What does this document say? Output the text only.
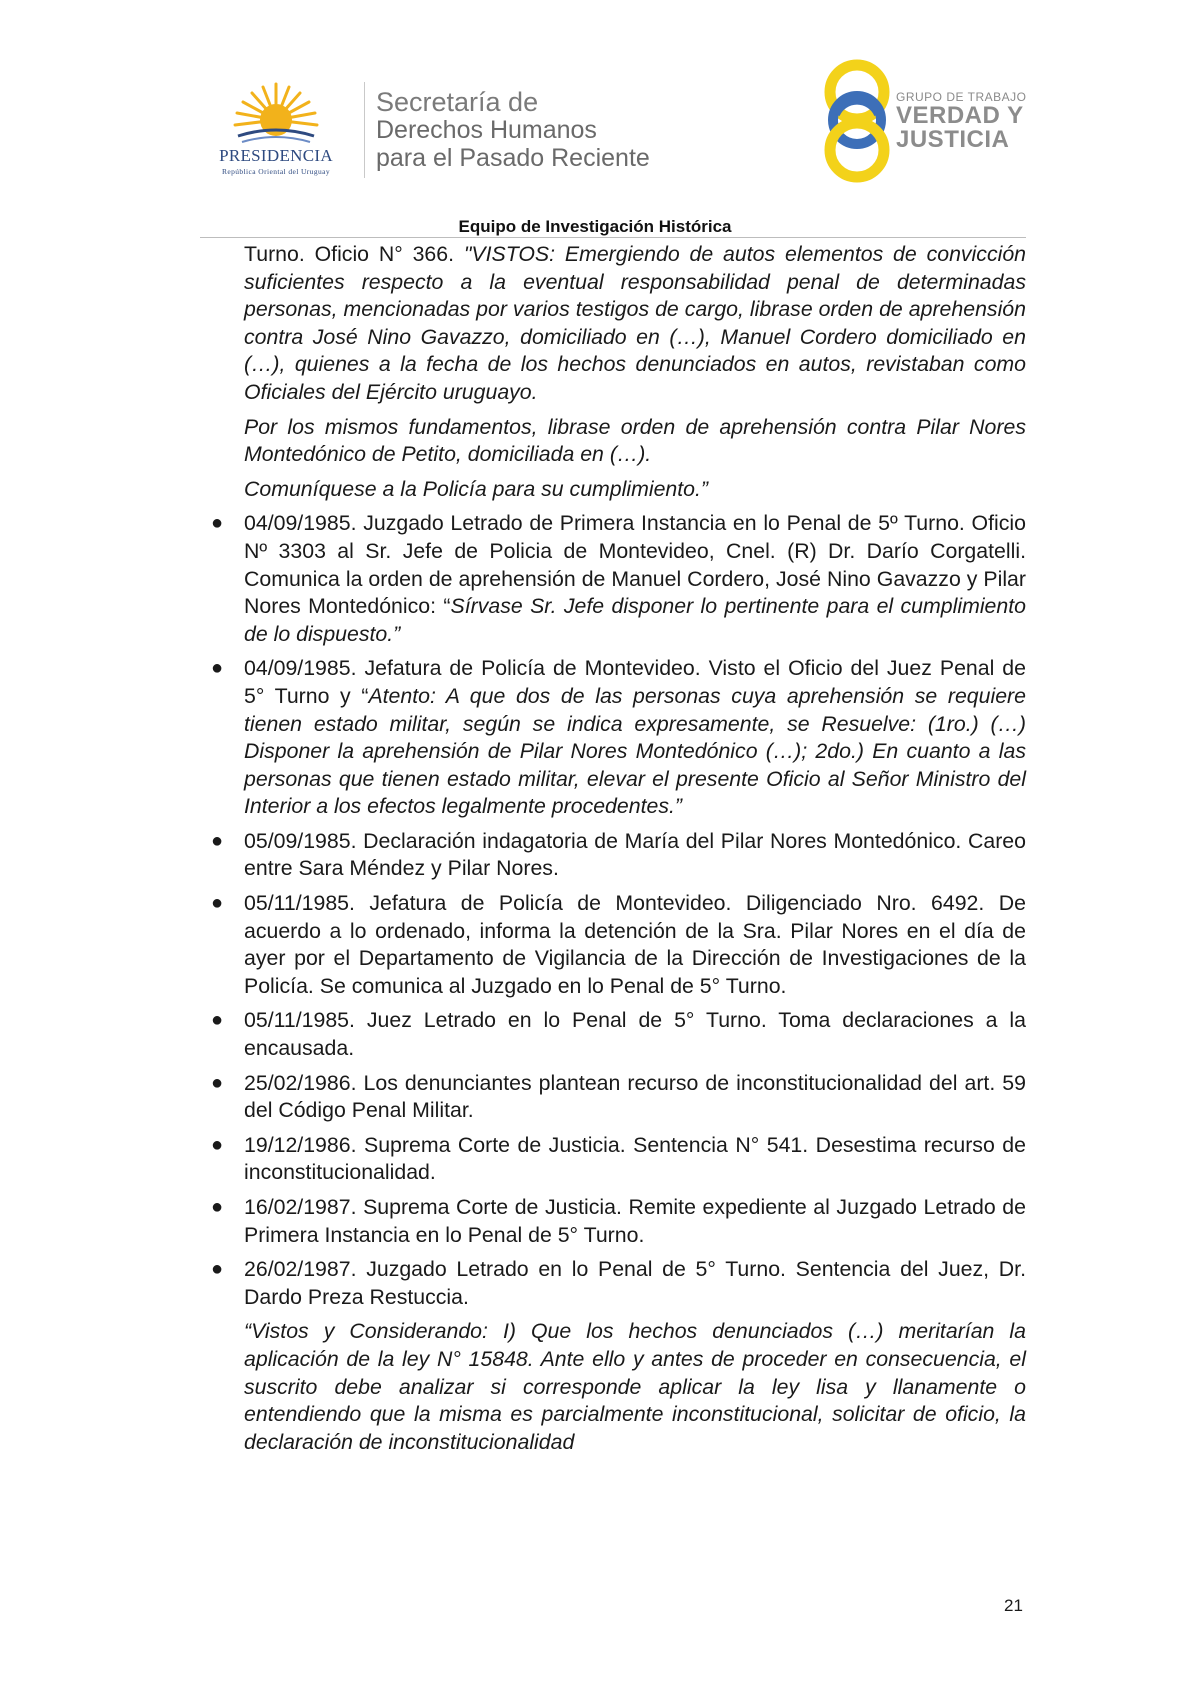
PRESIDENCIA
República Oriental del Uruguay
Secretaría de
Derechos Humanos
para el Pasado Reciente
GRUPO DE TRABAJO
VERDAD Y
JUSTICIA
Equipo de Investigación Histórica

Turno. Oficio N° 366. "VISTOS: Emergiendo de autos elementos de convicción suficientes respecto a la eventual responsabilidad penal de determinadas personas, mencionadas por varios testigos de cargo, librase orden de aprehensión contra José Nino Gavazzo, domiciliado en (…), Manuel Cordero domiciliado en (…), quienes a la fecha de los hechos denunciados en autos, revistaban como Oficiales del Ejército uruguayo.

Por los mismos fundamentos, librase orden de aprehensión contra Pilar Nores Montedónico de Petito, domiciliada en (…).

Comuníquese a la Policía para su cumplimiento.”

● 04/09/1985. Juzgado Letrado de Primera Instancia en lo Penal de 5º Turno. Oficio Nº 3303 al Sr. Jefe de Policia de Montevideo, Cnel. (R) Dr. Darío Corgatelli. Comunica la orden de aprehensión de Manuel Cordero, José Nino Gavazzo y Pilar Nores Montedónico: “Sírvase Sr. Jefe disponer lo pertinente para el cumplimiento de lo dispuesto.”
● 04/09/1985. Jefatura de Policía de Montevideo. Visto el Oficio del Juez Penal de 5° Turno y “Atento: A que dos de las personas cuya aprehensión se requiere tienen estado militar, según se indica expresamente, se Resuelve: (1ro.) (…) Disponer la aprehensión de Pilar Nores Montedónico (…); 2do.) En cuanto a las personas que tienen estado militar, elevar el presente Oficio al Señor Ministro del Interior a los efectos legalmente procedentes.”
● 05/09/1985. Declaración indagatoria de María del Pilar Nores Montedónico. Careo entre Sara Méndez y Pilar Nores.
● 05/11/1985. Jefatura de Policía de Montevideo. Diligenciado Nro. 6492. De acuerdo a lo ordenado, informa la detención de la Sra. Pilar Nores en el día de ayer por el Departamento de Vigilancia de la Dirección de Investigaciones de la Policía. Se comunica al Juzgado en lo Penal de 5° Turno.
● 05/11/1985. Juez Letrado en lo Penal de 5° Turno. Toma declaraciones a la encausada.
● 25/02/1986. Los denunciantes plantean recurso de inconstitucionalidad del art. 59 del Código Penal Militar.
● 19/12/1986. Suprema Corte de Justicia. Sentencia N° 541. Desestima recurso de inconstitucionalidad.
● 16/02/1987. Suprema Corte de Justicia. Remite expediente al Juzgado Letrado de Primera Instancia en lo Penal de 5° Turno.
● 26/02/1987. Juzgado Letrado en lo Penal de 5° Turno. Sentencia del Juez, Dr. Dardo Preza Restuccia.

“Vistos y Considerando: I) Que los hechos denunciados (…) meritarían la aplicación de la ley N° 15848. Ante ello y antes de proceder en consecuencia, el suscrito debe analizar si corresponde aplicar la ley lisa y llanamente o entendiendo que la misma es parcialmente inconstitucional, solicitar de oficio, la declaración de inconstitucionalidad

21
